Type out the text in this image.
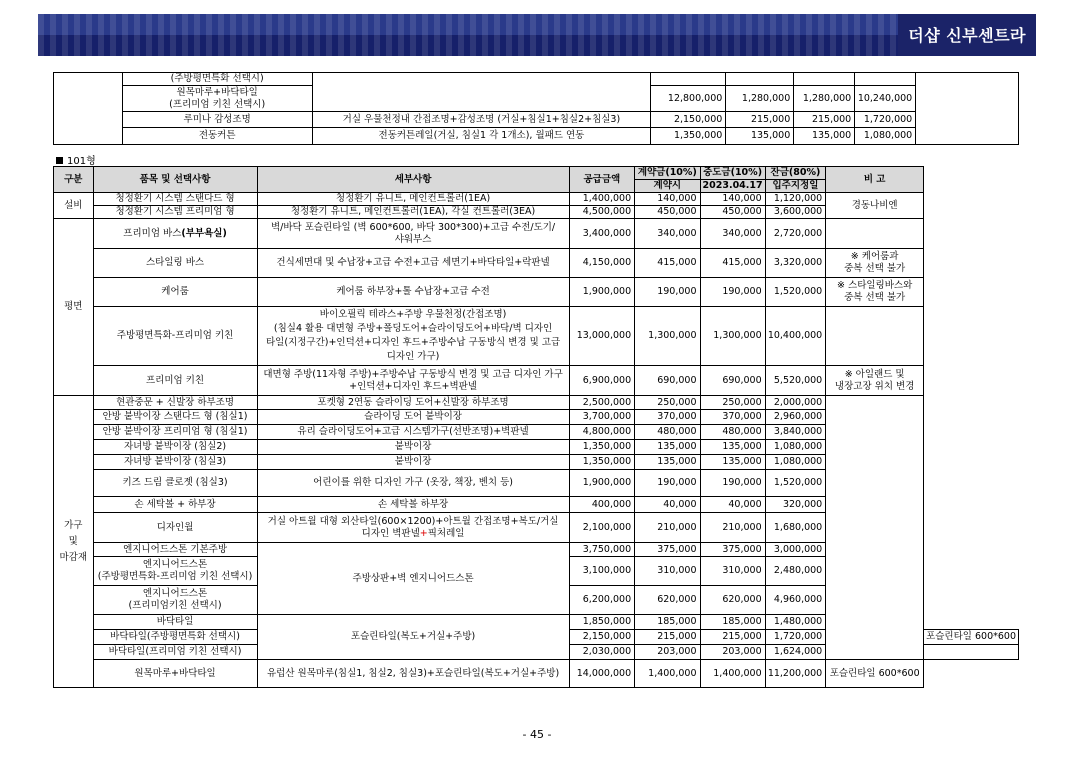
더샵 신부센트라
	(주방평면특화 선택시)						
	원목마루+바닥타일
(프리미엄 키친 선택시)		12,800,000	1,280,000	1,280,000	10,240,000	
	루미나 감성조명	거실 우물천정내 간접조명+감성조명 (거실+침실1+침실2+침실3)	2,150,000	215,000	215,000	1,720,000	
	전동커튼	전동커튼레일(거실, 침실1 각 1개소), 월패드 연동	1,350,000	135,000	135,000	1,080,000	
101형
구분	품목 및 선택사항	세부사항	공급금액	계약금(10%)	중도금(10%)	잔금(80%)	비 고	
				계약시	2023.04.17	입주지정일		
설비	청정환기 시스템 스탠다드 형	청정환기 유니트, 메인컨트롤러(1EA)	1,400,000	140,000	140,000	1,120,000	경동나비엔	
	청정환기 시스템 프리미엄 형	청정환기 유니트, 메인컨트롤러(1EA), 각실 컨트롤러(3EA)	4,500,000	450,000	450,000	3,600,000		
평면	프리미엄 바스(부부욕실)	벽/바닥 포슬린타일 (벽 600*600, 바닥 300*300)+고급 수전/도기/
샤워부스	3,400,000	340,000	340,000	2,720,000		
	스타일링 바스	건식세면대 및 수납장+고급 수전+고급 세면기+바닥타일+락판넬	4,150,000	415,000	415,000	3,320,000	※ 케어룸과
중복 선택 불가	
	케어룸	케어룸 하부장+톨 수납장+고급 수전	1,900,000	190,000	190,000	1,520,000	※ 스타일링바스와
중복 선택 불가	
	주방평면특화-프리미엄 키친	바이오필릭 테라스+주방 우물천정(간접조명)
(침실4 활용 대면형 주방+폴딩도어+슬라이딩도어+바닥/벽 디자인
타일(지정구간)+인덕션+디자인 후드+주방수납 구동방식 변경 및 고급
디자인 가구)	13,000,000	1,300,000	1,300,000	10,400,000		
	프리미엄 키친	대면형 주방(11자형 주방)+주방수납 구동방식 변경 및 고급 디자인 가구
+인덕션+디자인 후드+벽판넬	6,900,000	690,000	690,000	5,520,000	※ 아일랜드 및
냉장고장 위치 변경	
가구
및
마감재	현관중문 + 신발장 하부조명	포켓형 2연동 슬라이딩 도어+신발장 하부조명	2,500,000	250,000	250,000	2,000,000		
	안방 붙박이장 스탠다드 형 (침실1)	슬라이딩 도어 붙박이장	3,700,000	370,000	370,000	2,960,000		
	안방 붙박이장 프리미엄 형 (침실1)	유리 슬라이딩도어+고급 시스템가구(선반조명)+벽판넬	4,800,000	480,000	480,000	3,840,000		
	자녀방 붙박이장 (침실2)	붙박이장	1,350,000	135,000	135,000	1,080,000		
	자녀방 붙박이장 (침실3)	붙박이장	1,350,000	135,000	135,000	1,080,000		
	키즈 드림 클로젯 (침실3)	어린이를 위한 디자인 가구 (옷장, 책장, 벤치 등)	1,900,000	190,000	190,000	1,520,000		
	손 세탁볼 + 하부장	손 세탁볼 하부장	400,000	40,000	40,000	320,000		
	디자인월	거실 아트월 대형 외산타일(600×1200)+아트월 간접조명+복도/거실
디자인 벽판넬+픽처레일	2,100,000	210,000	210,000	1,680,000		
	엔지니어드스톤 기본주방	주방상판+벽 엔지니어드스톤	3,750,000	375,000	375,000	3,000,000		
	엔지니어드스톤
(주방평면특화-프리미엄 키친 선택시)		3,100,000	310,000	310,000	2,480,000		
	엔지니어드스톤
(프리미엄키친 선택시)		6,200,000	620,000	620,000	4,960,000		
	바닥타일	포슬린타일(복도+거실+주방)	1,850,000	185,000	185,000	1,480,000		
	바닥타일(주방평면특화 선택시)		2,150,000	215,000	215,000	1,720,000		포슬린타일 600*600
	바닥타일(프리미엄 키친 선택시)		2,030,000	203,000	203,000	1,624,000		
	원목마루+바닥타일	유럽산 원목마루(침실1, 침실2, 침실3)+포슬린타일(복도+거실+주방)	14,000,000	1,400,000	1,400,000	11,200,000	포슬린타일 600*600	
- 45 -
